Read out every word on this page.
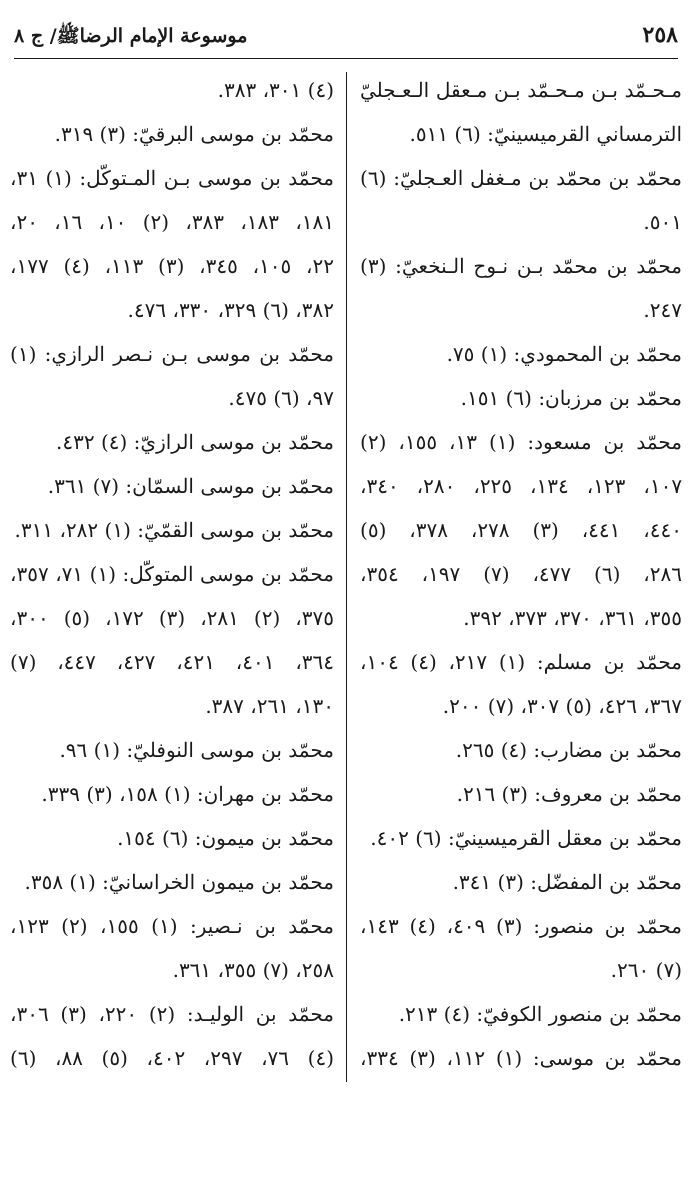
٢٥٨
موسوعة الإمام الرضاﷺ/ ج ٨
مـحـمّد بـن مـحـمّد بـن مـعقل الـعـجليّ
الترمساني القرميسينيّ: (٦) ٥١١.
محمّد بن محمّد بن مـغفل العـجليّ: (٦)
٥٠١.
محمّد بن محمّد بـن نـوح الـنخعيّ: (٣)
٢٤٧.
محمّد بن المحمودي: (١) ٧٥.
محمّد بن مرزبان: (٦) ١٥١.
محمّد بن مسعود: (١) ١٣، ١٥٥، (٢)
١٠٧، ١٢٣، ١٣٤، ٢٢٥، ٢٨٠، ٣٤٠،
٤٤٠، ٤٤١، (٣) ٢٧٨، ٣٧٨، (٥)
٢٨٦، (٦) ٤٧٧، (٧) ١٩٧، ٣٥٤،
٣٥٥، ٣٦١، ٣٧٠، ٣٧٣، ٣٩٢.
محمّد بن مسلم: (١) ٢١٧، (٤) ١٠٤،
٣٦٧، ٤٢٦، (٥) ٣٠٧، (٧) ٢٠٠.
محمّد بن مضارب: (٤) ٢٦٥.
محمّد بن معروف: (٣) ٢١٦.
محمّد بن معقل القرميسينيّ: (٦) ٤٠٢.
محمّد بن المفضّل: (٣) ٣٤١.
محمّد بن منصور: (٣) ٤٠٩، (٤) ١٤٣،
(٧) ٢٦٠.
محمّد بن منصور الكوفيّ: (٤) ٢١٣.
محمّد بن موسى: (١) ١١٢، (٣) ٣٣٤،
(٤) ٣٠١، ٣٨٣.
محمّد بن موسى البرقيّ: (٣) ٣١٩.
محمّد بن موسى بـن المـتوكّل: (١) ٣١،
١٨١، ١٨٣، ٣٨٣، (٢) ١٠، ١٦، ٢٠،
٢٢، ١٠٥، ٣٤٥، (٣) ١١٣، (٤) ١٧٧،
٣٨٢، (٦) ٣٢٩، ٣٣٠، ٤٧٦.
محمّد بن موسى بـن نـصر الرازي: (١)
٩٧، (٦) ٤٧٥.
محمّد بن موسى الرازيّ: (٤) ٤٣٢.
محمّد بن موسى السمّان: (٧) ٣٦١.
محمّد بن موسى القمّيّ: (١) ٢٨٢، ٣١١.
محمّد بن موسى المتوكّل: (١) ٧١، ٣٥٧،
٣٧٥، (٢) ٢٨١، (٣) ١٧٢، (٥) ٣٠٠،
٣٦٤، ٤٠١، ٤٢١، ٤٢٧، ٤٤٧، (٧)
١٣٠، ٢٦١، ٣٨٧.
محمّد بن موسى النوفليّ: (١) ٩٦.
محمّد بن مهران: (١) ١٥٨، (٣) ٣٣٩.
محمّد بن ميمون: (٦) ١٥٤.
محمّد بن ميمون الخراسانيّ: (١) ٣٥٨.
محمّد بن نـصير: (١) ١٥٥، (٢) ١٢٣،
٢٥٨، (٧) ٣٥٥، ٣٦١.
محمّد بن الوليـد: (٢) ٢٢٠، (٣) ٣٠٦،
(٤) ٧٦، ٢٩٧، ٤٠٢، (٥) ٨٨، (٦)
